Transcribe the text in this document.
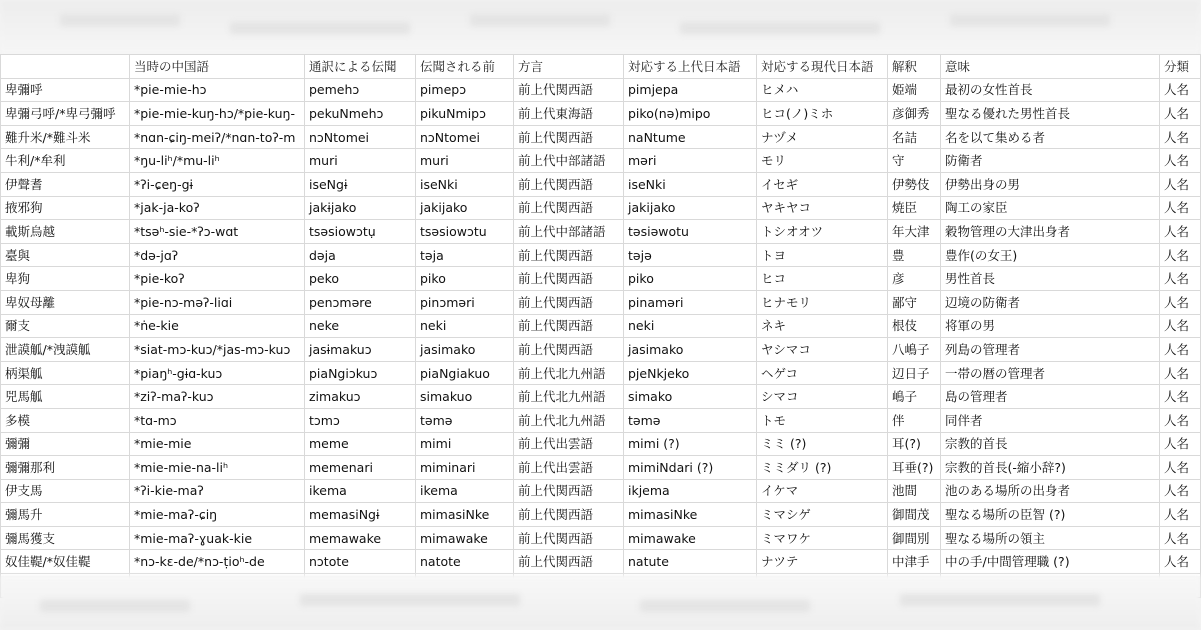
	当時の中国語	通訳による伝聞	伝聞される前	方言	対応する上代日本語	対応する現代日本語	解釈	意味	分類
卑彌呼	*pie-mie-hɔ	pemehɔ	pimepɔ	前上代関西語	pimjepa	ヒメハ	姫端	最初の女性首長	人名
卑彌弓呼/*卑弓彌呼	*pie-mie-kuŋ-hɔ/*pie-kuŋ-	pekuNmehɔ	pikuNmipɔ	前上代東海語	piko(nə)mipo	ヒコ(ノ)ミホ	彦御秀	聖なる優れた男性首長	人名
難升米/*難斗米	*nɑn-ɕiŋ-meiʔ/*nɑn-toʔ-m	nɔNtomei	nɔNtomei	前上代関西語	naNtume	ナヅメ	名詰	名を以て集める者	人名
牛利/*牟利	*ŋu-liʰ/*mu-liʰ	muri	muri	前上代中部諸語	məri	モリ	守	防衛者	人名
伊聲耆	*ʔi-ɕeŋ-gɨ	iseNgɨ	iseNki	前上代関西語	iseNki	イセギ	伊勢伎	伊勢出身の男	人名
掖邪狗	*jak-ja-koʔ	jakɨjako	jakijako	前上代関西語	jakijako	ヤキヤコ	焼臣	陶工の家臣	人名
載斯烏越	*tsəʰ-sie-*ʔɔ-wɑt	tsəsiowɔtụ	tsəsiowɔtu	前上代中部諸語	təsiəwotu	トシオオツ	年大津	穀物管理の大津出身者	人名
臺與	*də-jɑʔ	dəja	təja	前上代関西語	təjə	トヨ	豊	豊作(の女王)	人名
卑狗	*pie-koʔ	peko	piko	前上代関西語	piko	ヒコ	彦	男性首長	人名
卑奴母離	*pie-nɔ-məʔ-liɑi	penɔməre	pinɔməri	前上代関西語	pinaməri	ヒナモリ	鄙守	辺境の防衛者	人名
爾支	*ṅe-kie	neke	neki	前上代関西語	neki	ネキ	根伎	将軍の男	人名
泄謨觚/*洩謨觚	*siat-mɔ-kuɔ/*jas-mɔ-kuɔ	jasɨmakuɔ	jasimako	前上代関西語	jasimako	ヤシマコ	八嶋子	列島の管理者	人名
柄渠觚	*piaŋʰ-gɨɑ-kuɔ	piaNgiɔkuɔ	piaNgiakuo	前上代北九州語	pjeNkjeko	ヘゲコ	辺日子	一帯の暦の管理者	人名
兕馬觚	*ziʔ-maʔ-kuɔ	zimakuɔ	simakuo	前上代北九州語	simako	シマコ	嶋子	島の管理者	人名
多模	*tɑ-mɔ	tɔmɔ	təmə	前上代北九州語	təmə	トモ	伴	同伴者	人名
彌彌	*mie-mie	meme	mimi	前上代出雲語	mimi (?)	ミミ (?)	耳(?)	宗教的首長	人名
彌彌那利	*mie-mie-na-liʰ	memenari	miminari	前上代出雲語	mimiNdari (?)	ミミダリ (?)	耳垂(?)	宗教的首長(-縮小辞?)	人名
伊支馬	*ʔi-kie-maʔ	ikema	ikema	前上代関西語	ikjema	イケマ	池間	池のある場所の出身者	人名
彌馬升	*mie-maʔ-ɕiŋ	memasiNgɨ	mimasiNke	前上代関西語	mimasiNke	ミマシゲ	御間茂	聖なる場所の臣智 (?)	人名
彌馬獲支	*mie-maʔ-ɣuak-kie	memawake	mimawake	前上代関西語	mimawake	ミマワケ	御間別	聖なる場所の領主	人名
奴佳鞮/*奴佳鞮	*nɔ-kɛ-de/*nɔ-ṭioʰ-de	nɔtote	natote	前上代関西語	natute	ナツテ	中津手	中の手/中間管理職 (?)	人名
